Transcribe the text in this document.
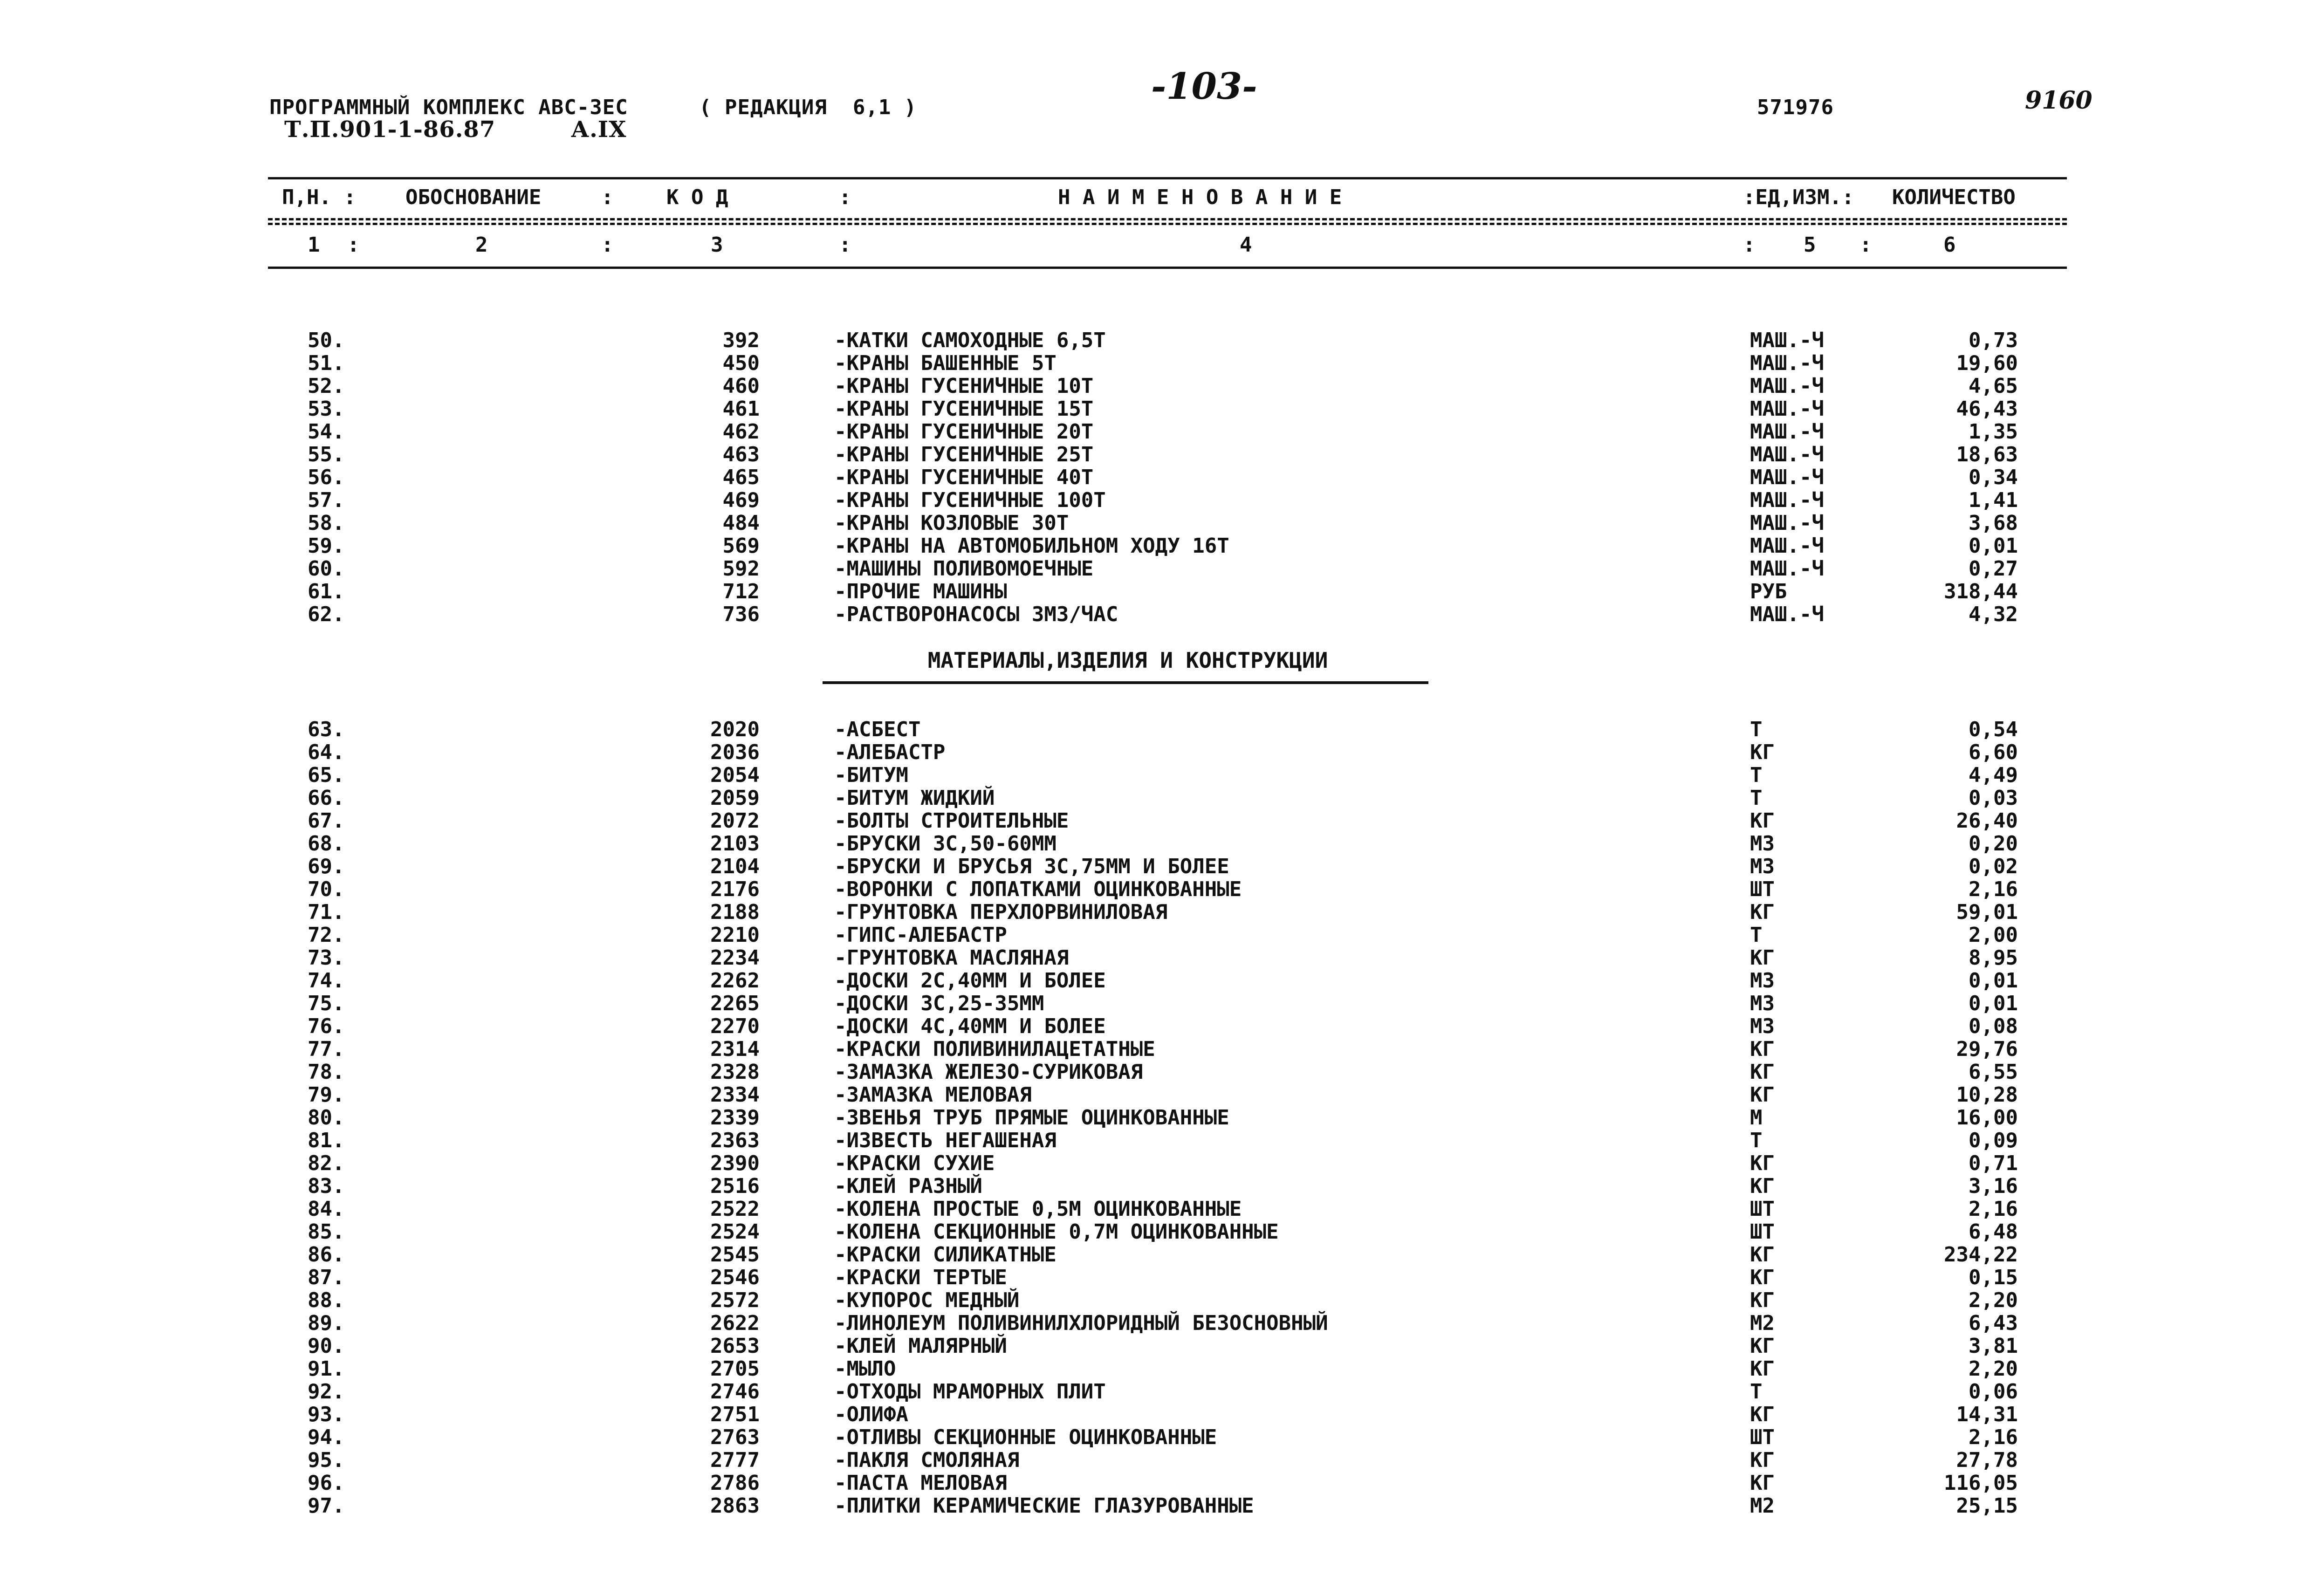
ПРОГРАММНЫЙ КОМПЛЕКС АВС-ЗЕС	( РЕДАКЦИЯ  6,1 )
Т.П.901-1-86.87	А.IX
-103-	571976	9160
П,Н. : ОБОСНОВАНИЕ	:	К О Д	:	Н А И М Е Н О В А Н И Е	:ЕД,ИЗМ.: КОЛИЧЕСТВО
1 :	2	:	3	:	4	: 5 :	6
50.	392	-КАТКИ САМОХОДНЫЕ 6,5Т	МАШ.-Ч	0,73
51.	450	-КРАНЫ БАШЕННЫЕ 5Т	МАШ.-Ч	19,60
52.	460	-КРАНЫ ГУСЕНИЧНЫЕ 10Т	МАШ.-Ч	4,65
53.	461	-КРАНЫ ГУСЕНИЧНЫЕ 15Т	МАШ.-Ч	46,43
54.	462	-КРАНЫ ГУСЕНИЧНЫЕ 20Т	МАШ.-Ч	1,35
55.	463	-КРАНЫ ГУСЕНИЧНЫЕ 25Т	МАШ.-Ч	18,63
56.	465	-КРАНЫ ГУСЕНИЧНЫЕ 40Т	МАШ.-Ч	0,34
57.	469	-КРАНЫ ГУСЕНИЧНЫЕ 100Т	МАШ.-Ч	1,41
58.	484	-КРАНЫ КОЗЛОВЫЕ 30Т	МАШ.-Ч	3,68
59.	569	-КРАНЫ НА АВТОМОБИЛЬНОМ ХОДУ 16Т	МАШ.-Ч	0,01
60.	592	-МАШИНЫ ПОЛИВОМОЕЧНЫЕ	МАШ.-Ч	0,27
61.	712	-ПРОЧИЕ МАШИНЫ	РУБ	318,44
62.	736	-РАСТВОРОНАСОСЫ 3М3/ЧАС	МАШ.-Ч	4,32
МАТЕРИАЛЫ,ИЗДЕЛИЯ И КОНСТРУКЦИИ
63.	2020	-АСБЕСТ	Т	0,54
64.	2036	-АЛЕБАСТР	КГ	6,60
65.	2054	-БИТУМ	Т	4,49
66.	2059	-БИТУМ ЖИДКИЙ	Т	0,03
67.	2072	-БОЛТЫ СТРОИТЕЛЬНЫЕ	КГ	26,40
68.	2103	-БРУСКИ 3С,50-60ММ	М3	0,20
69.	2104	-БРУСКИ И БРУСЬЯ 3С,75ММ И БОЛЕЕ	М3	0,02
70.	2176	-ВОРОНКИ С ЛОПАТКАМИ ОЦИНКОВАННЫЕ	ШТ	2,16
71.	2188	-ГРУНТОВКА ПЕРХЛОРВИНИЛОВАЯ	КГ	59,01
72.	2210	-ГИПС-АЛЕБАСТР	Т	2,00
73.	2234	-ГРУНТОВКА МАСЛЯНАЯ	КГ	8,95
74.	2262	-ДОСКИ 2С,40ММ И БОЛЕЕ	М3	0,01
75.	2265	-ДОСКИ 3С,25-35ММ	М3	0,01
76.	2270	-ДОСКИ 4С,40ММ И БОЛЕЕ	М3	0,08
77.	2314	-КРАСКИ ПОЛИВИНИЛАЦЕТАТНЫЕ	КГ	29,76
78.	2328	-ЗАМАЗКА ЖЕЛЕЗО-СУРИКОВАЯ	КГ	6,55
79.	2334	-ЗАМАЗКА МЕЛОВАЯ	КГ	10,28
80.	2339	-ЗВЕНЬЯ ТРУБ ПРЯМЫЕ ОЦИНКОВАННЫЕ	М	16,00
81.	2363	-ИЗВЕСТЬ НЕГАШЕНАЯ	Т	0,09
82.	2390	-КРАСКИ СУХИЕ	КГ	0,71
83.	2516	-КЛЕЙ РАЗНЫЙ	КГ	3,16
84.	2522	-КОЛЕНА ПРОСТЫЕ 0,5М ОЦИНКОВАННЫЕ	ШТ	2,16
85.	2524	-КОЛЕНА СЕКЦИОННЫЕ 0,7М ОЦИНКОВАННЫЕ	ШТ	6,48
86.	2545	-КРАСКИ СИЛИКАТНЫЕ	КГ	234,22
87.	2546	-КРАСКИ ТЕРТЫЕ	КГ	0,15
88.	2572	-КУПОРОС МЕДНЫЙ	КГ	2,20
89.	2622	-ЛИНОЛЕУМ ПОЛИВИНИЛХЛОРИДНЫЙ БЕЗОСНОВНЫЙ	М2	6,43
90.	2653	-КЛЕЙ МАЛЯРНЫЙ	КГ	3,81
91.	2705	-МЫЛО	КГ	2,20
92.	2746	-ОТХОДЫ МРАМОРНЫХ ПЛИТ	Т	0,06
93.	2751	-ОЛИФА	КГ	14,31
94.	2763	-ОТЛИВЫ СЕКЦИОННЫЕ ОЦИНКОВАННЫЕ	ШТ	2,16
95.	2777	-ПАКЛЯ СМОЛЯНАЯ	КГ	27,78
96.	2786	-ПАСТА МЕЛОВАЯ	КГ	116,05
97.	2863	-ПЛИТКИ КЕРАМИЧЕСКИЕ ГЛАЗУРОВАННЫЕ	М2	25,15
